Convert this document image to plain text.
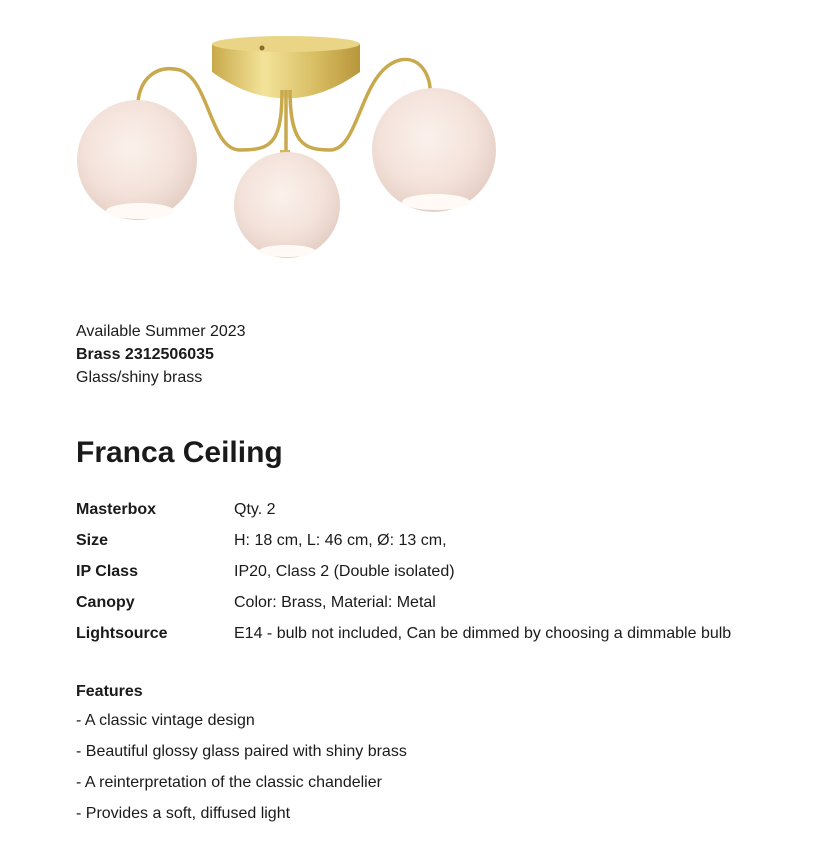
Available Summer 2023
Brass 2312506035
Glass/shiny brass
Franca Ceiling
Masterbox	Qty. 2
Size	H: 18 cm, L: 46 cm, Ø: 13 cm,
IP Class	IP20, Class 2 (Double isolated)
Canopy	Color: Brass, Material: Metal
Lightsource	E14 - bulb not included, Can be dimmed by choosing a dimmable bulb
Features
- A classic vintage design
- Beautiful glossy glass paired with shiny brass
- A reinterpretation of the classic chandelier
- Provides a soft, diffused light
